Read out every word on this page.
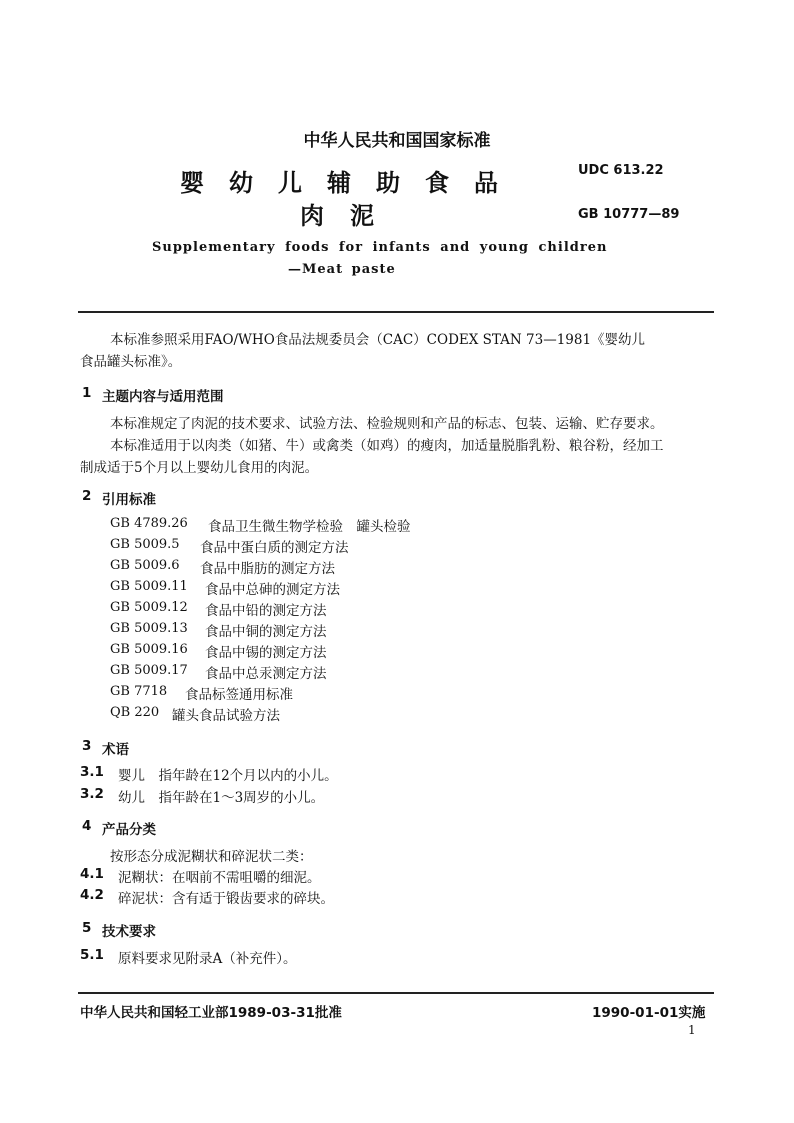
中华人民共和国国家标准
婴幼儿辅助食品
肉泥
UDC 613.22
GB 10777—89
Supplementary foods for infants and young children
—Meat paste
本标准参照采用FAO/WHO食品法规委员会（CAC）CODEX STAN 73—1981《婴幼儿
食品罐头标准》。
1 主题内容与适用范围
本标准规定了肉泥的技术要求、试验方法、检验规则和产品的标志、包装、运输、贮存要求。
本标准适用于以肉类（如猪、牛）或禽类（如鸡）的瘦肉，加适量脱脂乳粉、粮谷粉，经加工
制成适于5个月以上婴幼儿食用的肉泥。
2 引用标准
GB 4789.26	食品卫生微生物学检验　罐头检验
GB 5009.5	食品中蛋白质的测定方法
GB 5009.6	食品中脂肪的测定方法
GB 5009.11	食品中总砷的测定方法
GB 5009.12	食品中铅的测定方法
GB 5009.13	食品中铜的测定方法
GB 5009.16	食品中锡的测定方法
GB 5009.17	食品中总汞测定方法
GB 7718	食品标签通用标准
QB 220 罐头食品试验方法
3 术语
3.1 婴儿　指年龄在12个月以内的小儿。
3.2 幼儿　指年龄在1～3周岁的小儿。
4 产品分类
按形态分成泥糊状和碎泥状二类：
4.1 泥糊状：在咽前不需咀嚼的细泥。
4.2 碎泥状：含有适于锻齿要求的碎块。
5 技术要求
5.1 原料要求见附录A（补充件）。
中华人民共和国轻工业部1989-03-31批准	1990-01-01实施
1
